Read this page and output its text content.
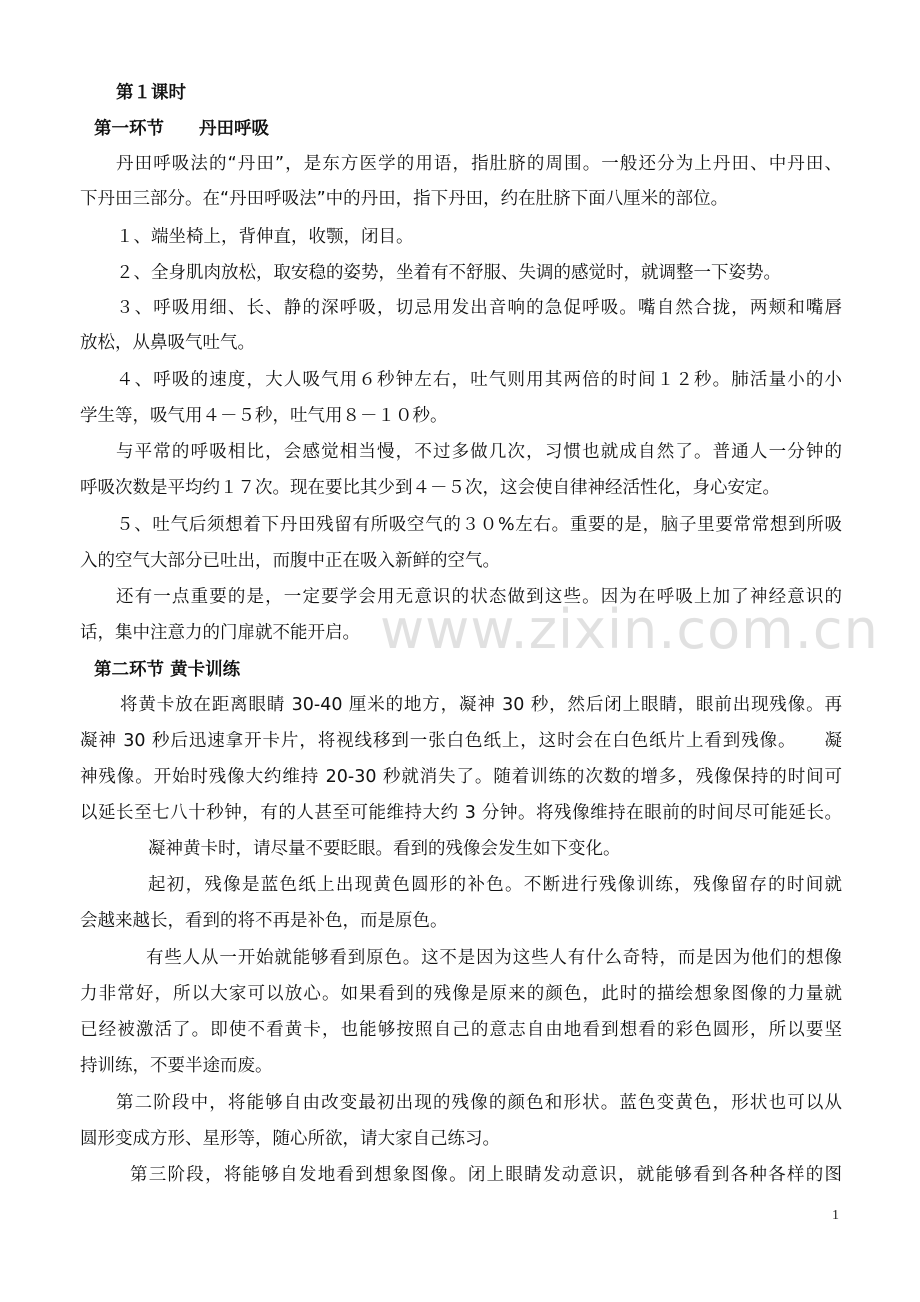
第１课时
第一环节　　丹田呼吸
丹田呼吸法的“丹田”，是东方医学的用语，指肚脐的周围。一般还分为上丹田、中丹田、
下丹田三部分。在“丹田呼吸法”中的丹田，指下丹田，约在肚脐下面八厘米的部位。
１、端坐椅上，背伸直，收颚，闭目。
２、全身肌肉放松，取安稳的姿势，坐着有不舒服、失调的感觉时，就调整一下姿势。
３、呼吸用细、长、静的深呼吸，切忌用发出音响的急促呼吸。嘴自然合拢，两颊和嘴唇
放松，从鼻吸气吐气。
４、呼吸的速度，大人吸气用６秒钟左右，吐气则用其两倍的时间１２秒。肺活量小的小
学生等，吸气用４－５秒，吐气用８－１０秒。
与平常的呼吸相比，会感觉相当慢，不过多做几次，习惯也就成自然了。普通人一分钟的
呼吸次数是平均约１７次。现在要比其少到４－５次，这会使自律神经活性化，身心安定。
５、吐气后须想着下丹田残留有所吸空气的３０%左右。重要的是，脑子里要常常想到所吸
入的空气大部分已吐出，而腹中正在吸入新鲜的空气。
还有一点重要的是，一定要学会用无意识的状态做到这些。因为在呼吸上加了神经意识的
话，集中注意力的门扉就不能开启。
第二环节 黄卡训练
将黄卡放在距离眼睛 30-40 厘米的地方，凝神 30 秒，然后闭上眼睛，眼前出现残像。再
凝神 30 秒后迅速拿开卡片，将视线移到一张白色纸上，这时会在白色纸片上看到残像。　　凝
神残像。开始时残像大约维持 20-30 秒就消失了。随着训练的次数的增多，残像保持的时间可
以延长至七八十秒钟，有的人甚至可能维持大约 3 分钟。将残像维持在眼前的时间尽可能延长。
凝神黄卡时，请尽量不要眨眼。看到的残像会发生如下变化。
起初，残像是蓝色纸上出现黄色圆形的补色。不断进行残像训练，残像留存的时间就
会越来越长，看到的将不再是补色，而是原色。
有些人从一开始就能够看到原色。这不是因为这些人有什么奇特，而是因为他们的想像
力非常好，所以大家可以放心。如果看到的残像是原来的颜色，此时的描绘想象图像的力量就
已经被激活了。即使不看黄卡，也能够按照自己的意志自由地看到想看的彩色圆形，所以要坚
持训练，不要半途而废。
第二阶段中，将能够自由改变最初出现的残像的颜色和形状。蓝色变黄色，形状也可以从
圆形变成方形、星形等，随心所欲，请大家自己练习。
第三阶段，将能够自发地看到想象图像。闭上眼睛发动意识，就能够看到各种各样的图
www.zixin.com.cn
1
